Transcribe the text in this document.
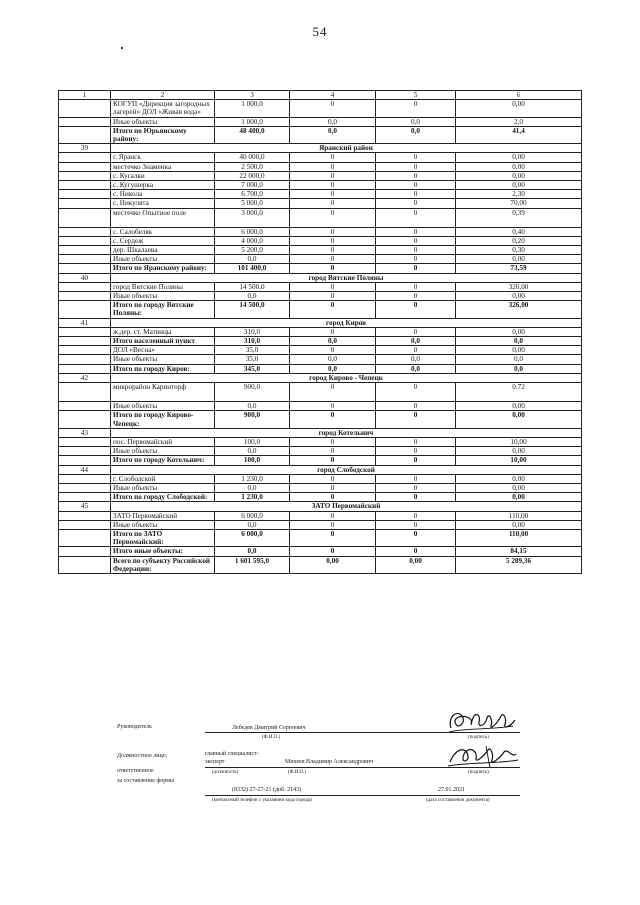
54
1	2	3	4	5	6
	КОГУП «Дирекция загородных лагерей» ДОЛ «Живая вода»	1 000,0	0	0	0,00
	Иные объекты	1 000,0	0,0	0,0	2,0
	Итого по Юрьянскому району:	48 400,0	0,0	0,0	41,4
39	Яранский район				
	г. Яранск	40 000,0	0	0	0,00
	местечко Знаменка	2 500,0	0	0	0,00
	с. Кугалки	22 000,0	0	0	0,00
	с. Кугушерка	7 000,0	0	0	0,00
	с. Никола	6 700,0	0	0	2,30
	с. Никулята	5 000,0	0	0	70,00
	местечко Опытное поле	3 000,0	0	0	0,39
	с. Салобеляк	6 000,0	0	0	0,40
	с. Сердеж	4 000,0	0	0	0,20
	дер. Шкалаева	5 200,0	0	0	0,30
	Иные объекты	0,0	0	0	0,00
	Итого по Яранскому району:	101 400,0	0	0	73,59
40	город Вятские Поляны				
	город Вятские Поляны	14 500,0	0	0	326,00
	Иные объекты	0,0	0	0	0,00
	Итого по городу Вятские Поляны:	14 500,0	0	0	326,00
41	город Киров				
	ж.дер. ст. Матвицы	310,0	0	0	0,00
	Итого населенный пункт	310,0	0,0	0,0	0,0
	ДОЛ «Весна»	35,0	0	0	0,00
	Иные объекты	35,0	0,0	0,0	0,0
	Итого по городу Киров:	345,0	0,0	0,0	0,0
42	город Кирово - Чепецк				
	микрорайон Каринторф	900,0	0	0	0.72
	Иные объекты	0,0	0	0	0,00
	Итого по городу Кирово-Чепецк:	900,0	0	0	0,00
43	город Котельнич				
	пос. Первомайский	100,0	0	0	10,00
	Иные объекты	0,0	0	0	0,00
	Итого по городу Котельнич:	100,0	0	0	10,00
44	город Слободской				
	г. Слободской	1 230,0	0	0	0,00
	Иные объекты	0,0	0	0	0,00
	Итого по городу Слободской:	1 230,0	0	0	0,00
45	ЗАТО Первомайский				
	ЗАТО Первомайский	6 000,0	0	0	110,00
	Иные объекты	0,0	0	0	0,00
	Итого по ЗАТО Первомайский:	6 000,0	0	0	110,00
	Итого иные объекты:	0,0	0	0	84,15
	Всего по субъекту Российской Федерации:	1 601 595,0	0,00	0,00	5 289,36
Руководитель	Лебедев Дмитрий Сергеевич
(Ф.И.О.)	(подпись)
Должностное лицо,
ответственное
за составление формы
главный специалист-
эксперт	Михеев Владимир Александрович
(должность)	(Ф.И.О.)	(подпись)
(8332) 27-27-21 (доб. 2143)
(контактный телефон с указанием кода города)
27.01.2021
(дата составления документа)
